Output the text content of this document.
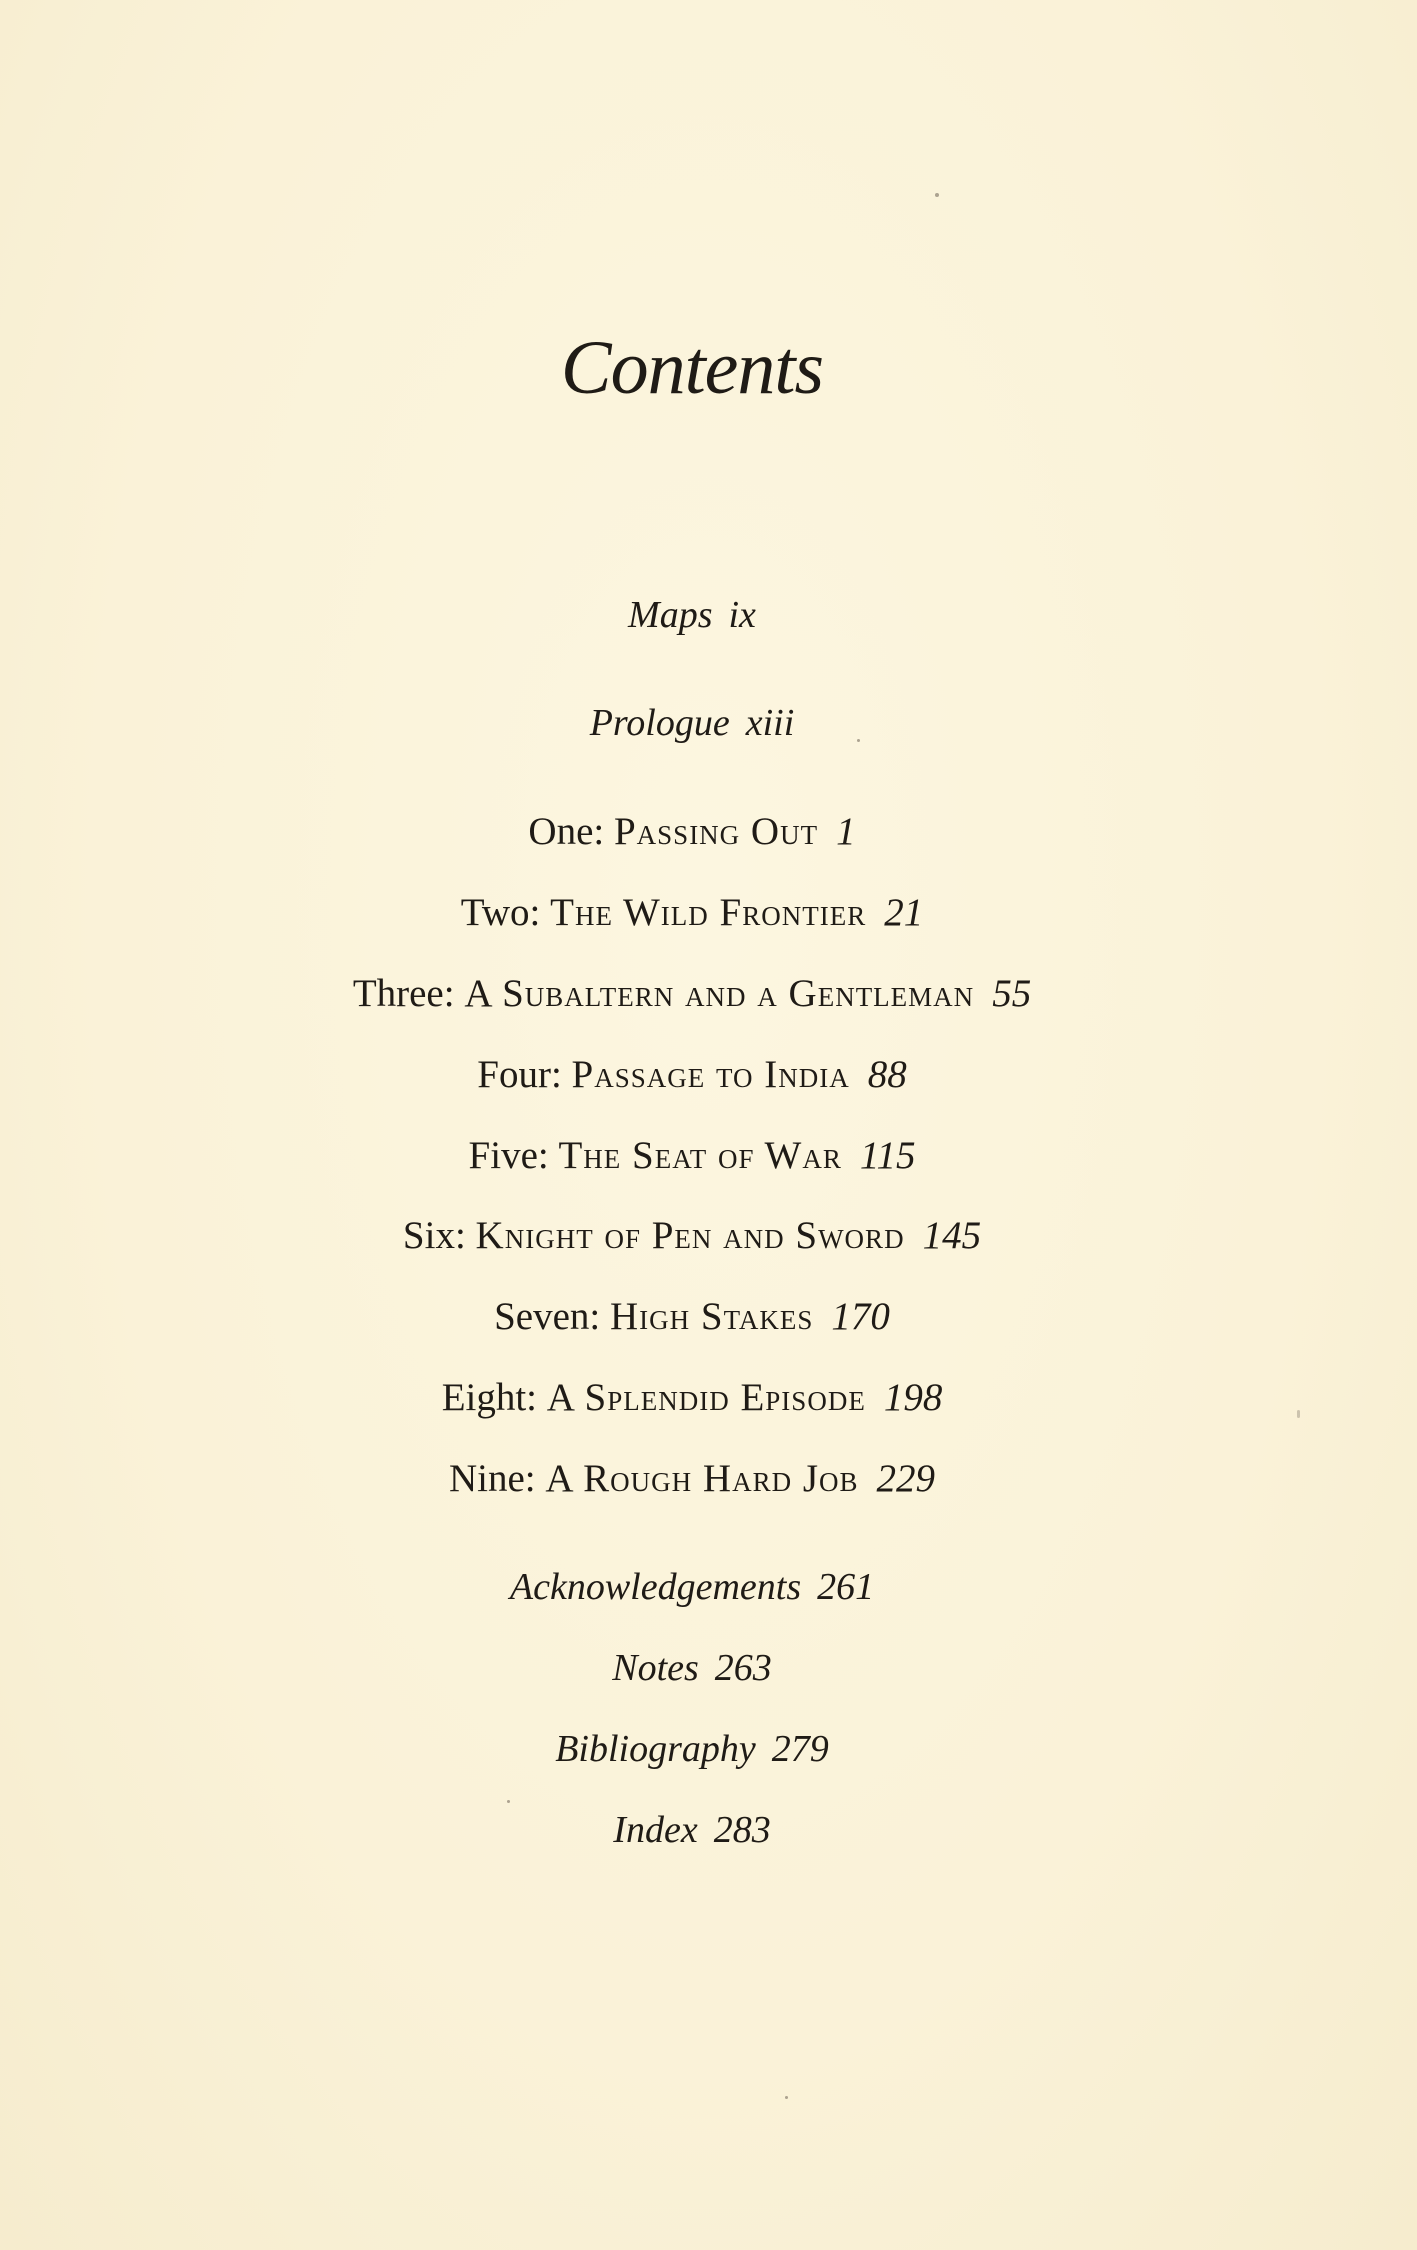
Contents
Maps ix
Prologue xiii
One: Passing Out 1
Two: The Wild Frontier 21
Three: A Subaltern and a Gentleman 55
Four: Passage to India 88
Five: The Seat of War 115
Six: Knight of Pen and Sword 145
Seven: High Stakes 170
Eight: A Splendid Episode 198
Nine: A Rough Hard Job 229
Acknowledgements 261
Notes 263
Bibliography 279
Index 283
